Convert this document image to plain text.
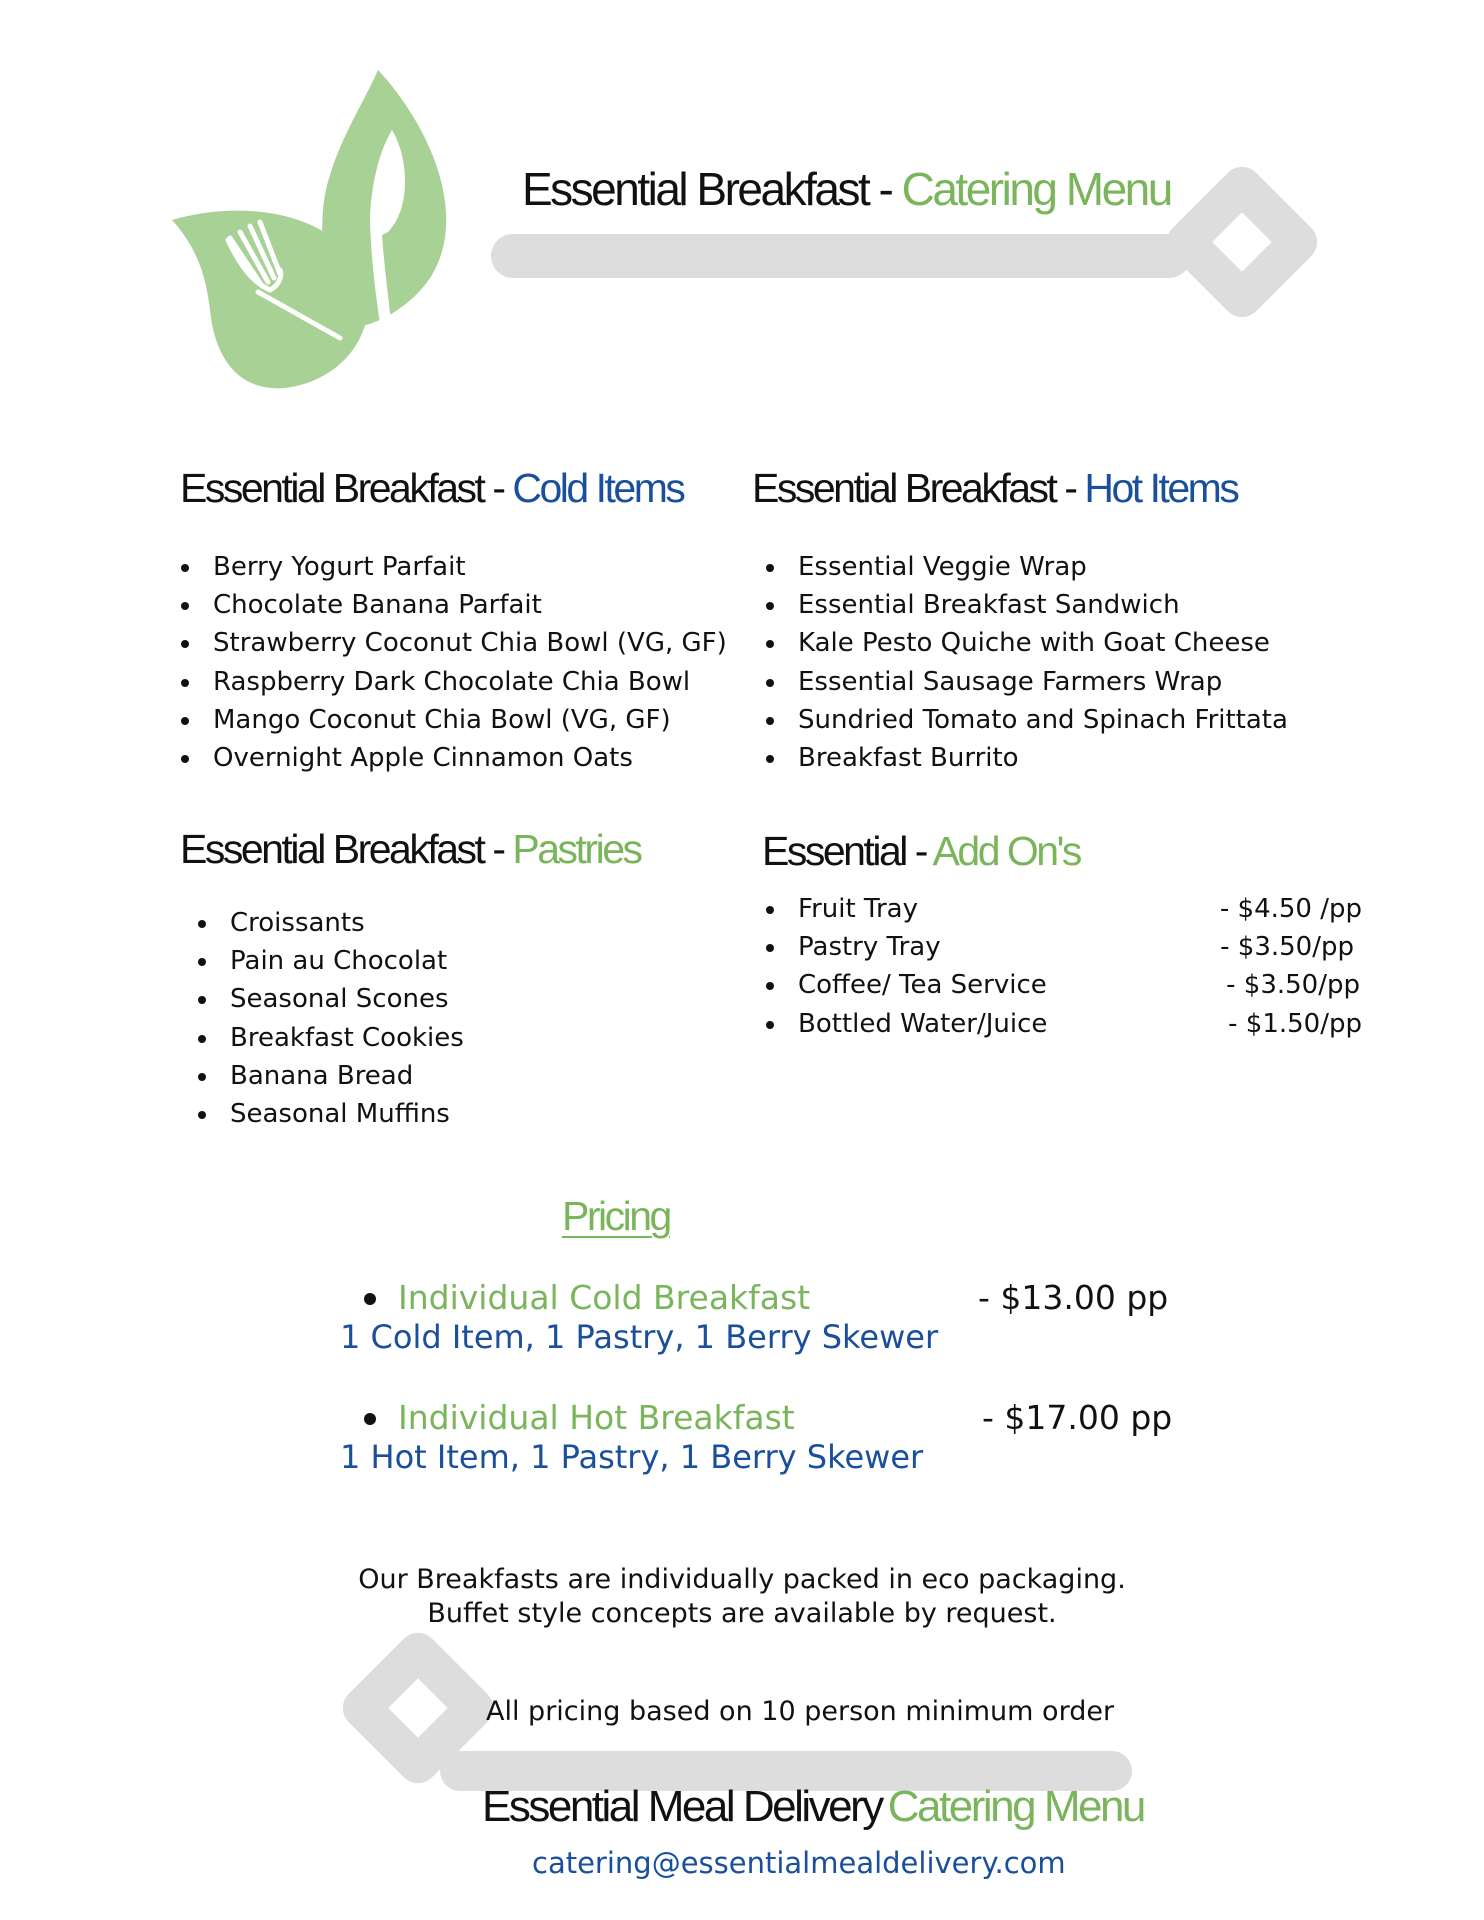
Essential Breakfast - Catering Menu
Essential Breakfast - Cold Items
Berry Yogurt Parfait
Chocolate Banana Parfait
Strawberry Coconut Chia Bowl (VG, GF)
Raspberry Dark Chocolate Chia Bowl
Mango Coconut Chia Bowl (VG, GF)
Overnight Apple Cinnamon Oats
Essential Breakfast - Hot Items
Essential Veggie Wrap
Essential Breakfast Sandwich
Kale Pesto Quiche with Goat Cheese
Essential Sausage Farmers Wrap
Sundried Tomato and Spinach Frittata
Breakfast Burrito
Essential Breakfast - Pastries
Croissants
Pain au Chocolat
Seasonal Scones
Breakfast Cookies
Banana Bread
Seasonal Muffins
Essential - Add On's
Fruit Tray	- $4.50 /pp
Pastry Tray	- $3.50/pp
Coffee/ Tea Service	- $3.50/pp
Bottled Water/Juice	- $1.50/pp
Pricing
Individual Cold Breakfast
1 Cold Item, 1 Pastry, 1 Berry Skewer
- $13.00 pp
Individual Hot Breakfast
1 Hot Item, 1 Pastry, 1 Berry Skewer
- $17.00 pp
Our Breakfasts are individually packed in eco packaging.
Buffet style concepts are available by request.
All pricing based on 10 person minimum order
Essential Meal Delivery Catering Menu
catering@essentialmealdelivery.com
